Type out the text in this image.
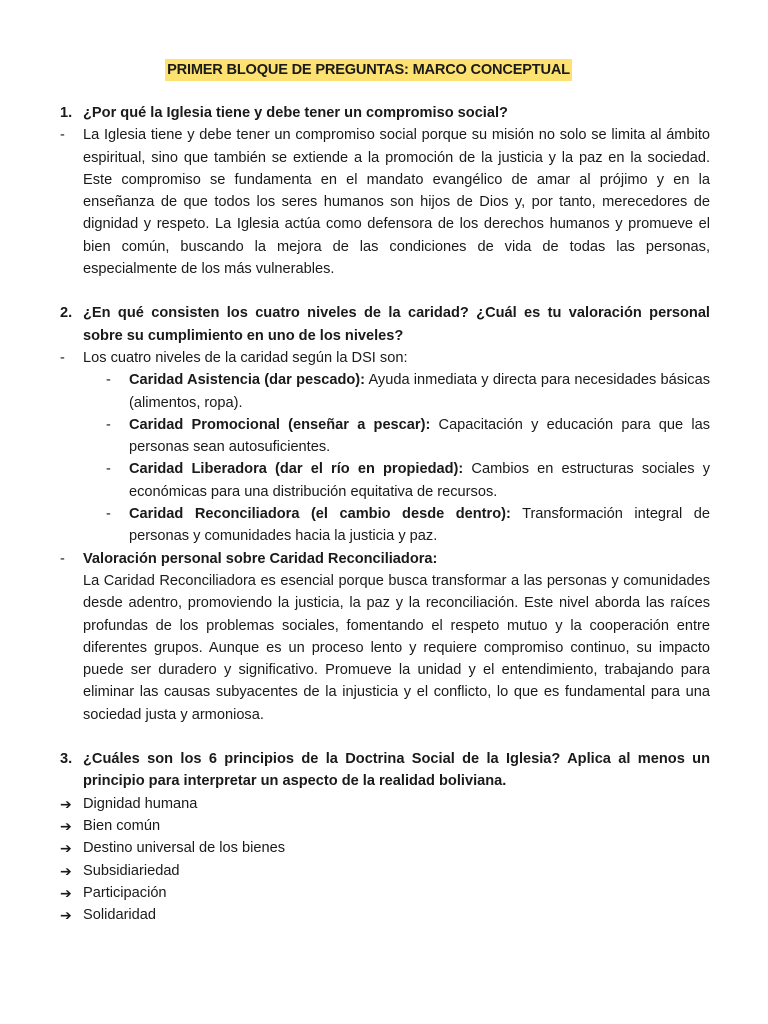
PRIMER BLOQUE DE PREGUNTAS: MARCO CONCEPTUAL
1. ¿Por qué la Iglesia tiene y debe tener un compromiso social?
- La Iglesia tiene y debe tener un compromiso social porque su misión no solo se limita al ámbito espiritual, sino que también se extiende a la promoción de la justicia y la paz en la sociedad. Este compromiso se fundamenta en el mandato evangélico de amar al prójimo y en la enseñanza de que todos los seres humanos son hijos de Dios y, por tanto, merecedores de dignidad y respeto. La Iglesia actúa como defensora de los derechos humanos y promueve el bien común, buscando la mejora de las condiciones de vida de todas las personas, especialmente de los más vulnerables.
2. ¿En qué consisten los cuatro niveles de la caridad? ¿Cuál es tu valoración personal sobre su cumplimiento en uno de los niveles?
- Los cuatro niveles de la caridad según la DSI son:
- Caridad Asistencia (dar pescado): Ayuda inmediata y directa para necesidades básicas (alimentos, ropa).
- Caridad Promocional (enseñar a pescar): Capacitación y educación para que las personas sean autosuficientes.
- Caridad Liberadora (dar el río en propiedad): Cambios en estructuras sociales y económicas para una distribución equitativa de recursos.
- Caridad Reconciliadora (el cambio desde dentro): Transformación integral de personas y comunidades hacia la justicia y paz.
- Valoración personal sobre Caridad Reconciliadora:
La Caridad Reconciliadora es esencial porque busca transformar a las personas y comunidades desde adentro, promoviendo la justicia, la paz y la reconciliación. Este nivel aborda las raíces profundas de los problemas sociales, fomentando el respeto mutuo y la cooperación entre diferentes grupos. Aunque es un proceso lento y requiere compromiso continuo, su impacto puede ser duradero y significativo. Promueve la unidad y el entendimiento, trabajando para eliminar las causas subyacentes de la injusticia y el conflicto, lo que es fundamental para una sociedad justa y armoniosa.
3. ¿Cuáles son los 6 principios de la Doctrina Social de la Iglesia? Aplica al menos un principio para interpretar un aspecto de la realidad boliviana.
➔ Dignidad humana
➔ Bien común
➔ Destino universal de los bienes
➔ Subsidiariedad
➔ Participación
➔ Solidaridad
